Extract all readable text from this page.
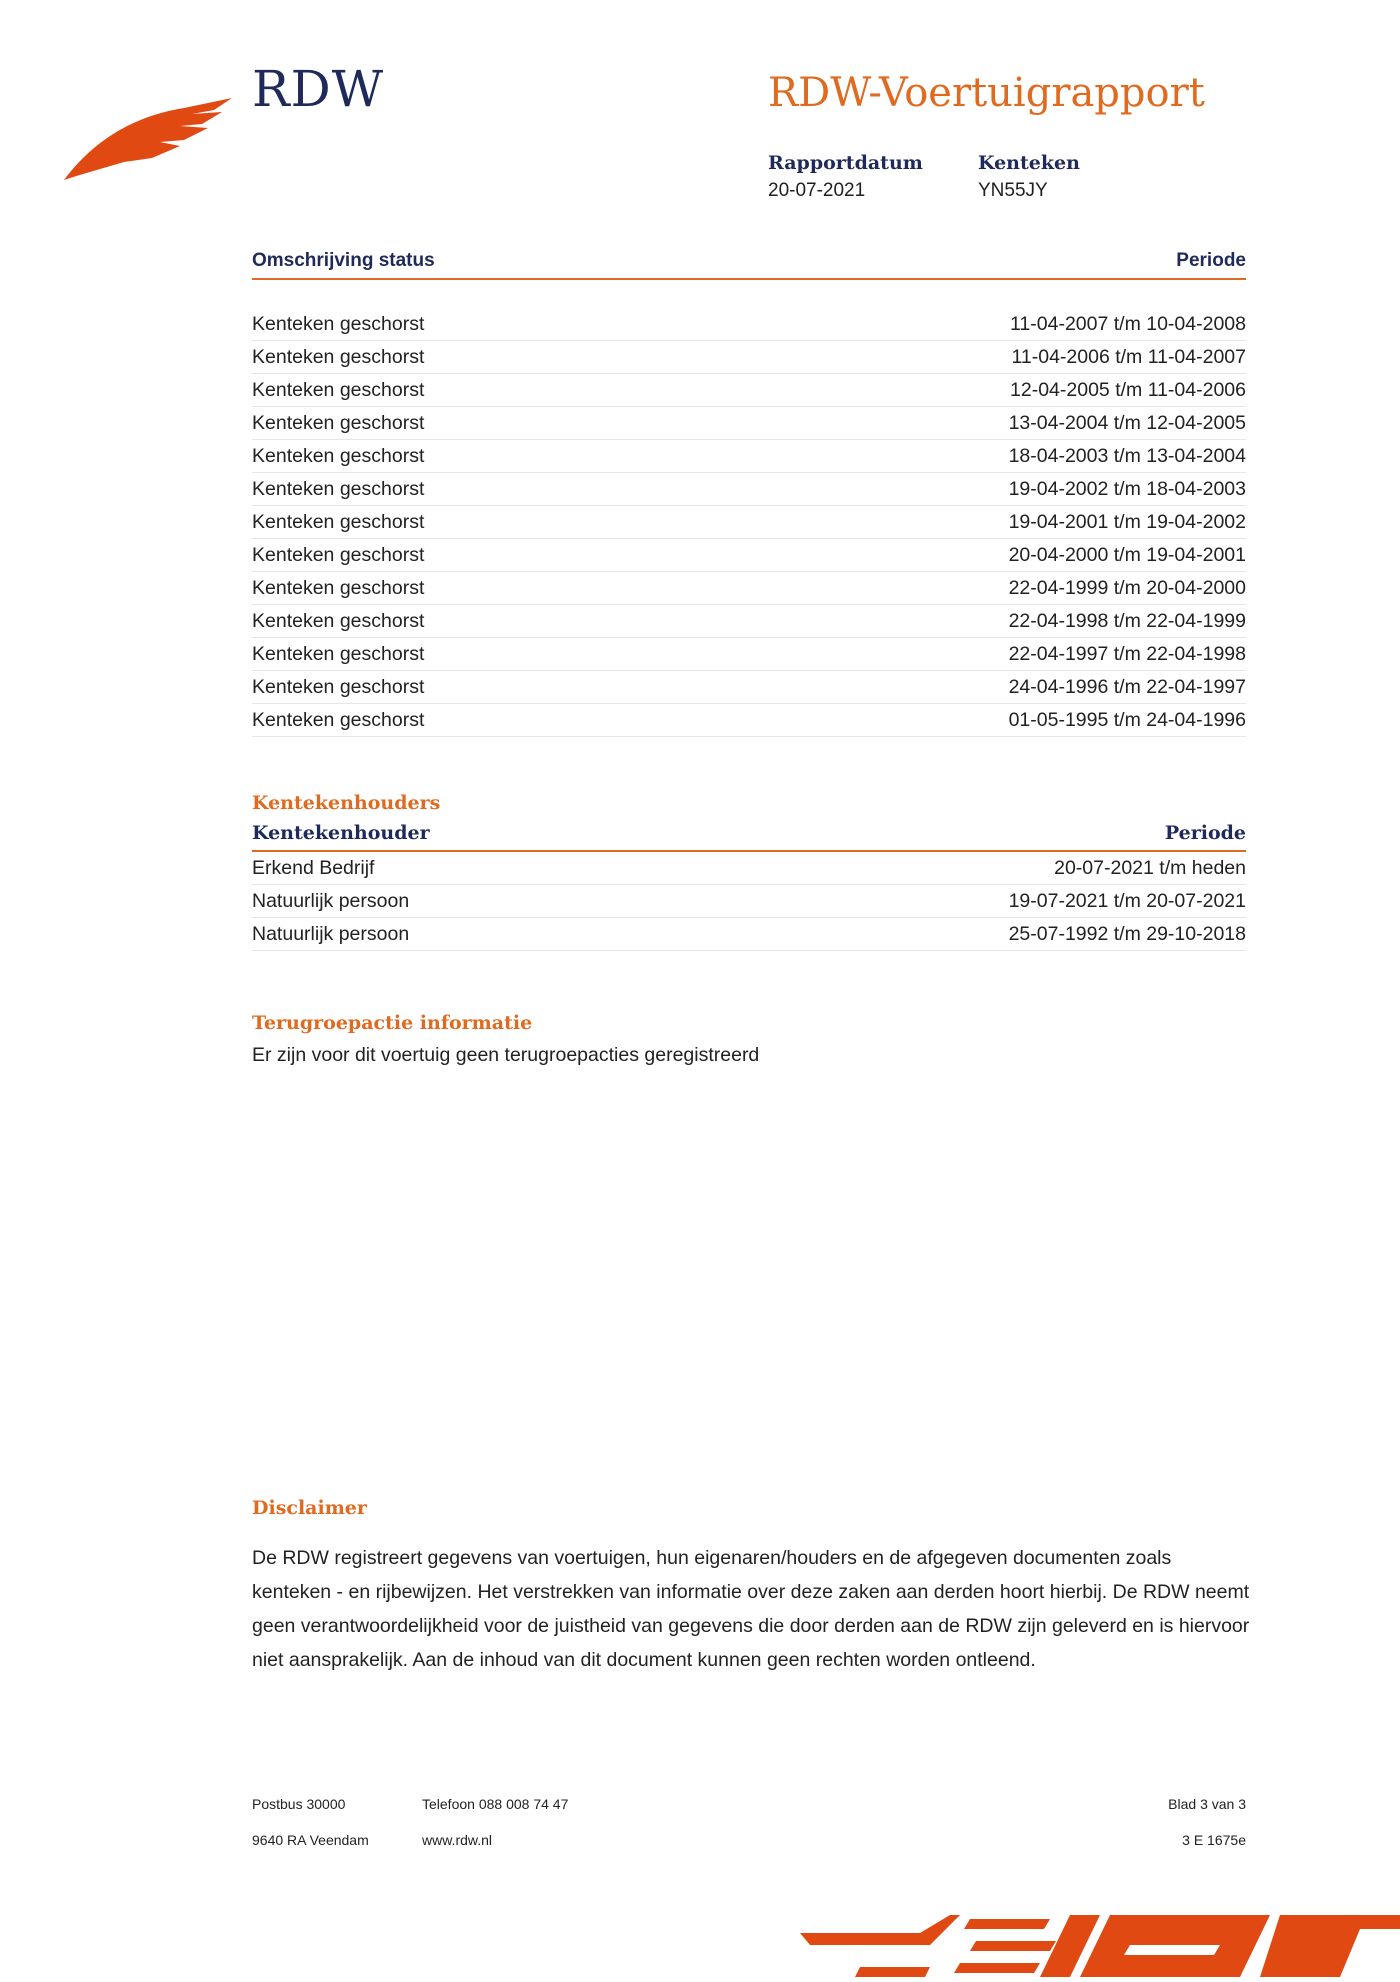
RDW	RDW-Voertuigrapport
Rapportdatum
20-07-2021
Kenteken
YN55JY
Omschrijving status	Periode
Kenteken geschorst	11-04-2007 t/m 10-04-2008
Kenteken geschorst	11-04-2006 t/m 11-04-2007
Kenteken geschorst	12-04-2005 t/m 11-04-2006
Kenteken geschorst	13-04-2004 t/m 12-04-2005
Kenteken geschorst	18-04-2003 t/m 13-04-2004
Kenteken geschorst	19-04-2002 t/m 18-04-2003
Kenteken geschorst	19-04-2001 t/m 19-04-2002
Kenteken geschorst	20-04-2000 t/m 19-04-2001
Kenteken geschorst	22-04-1999 t/m 20-04-2000
Kenteken geschorst	22-04-1998 t/m 22-04-1999
Kenteken geschorst	22-04-1997 t/m 22-04-1998
Kenteken geschorst	24-04-1996 t/m 22-04-1997
Kenteken geschorst	01-05-1995 t/m 24-04-1996
Kentekenhouders
Kentekenhouder	Periode
Erkend Bedrijf	20-07-2021 t/m heden
Natuurlijk persoon	19-07-2021 t/m 20-07-2021
Natuurlijk persoon	25-07-1992 t/m 29-10-2018
Terugroepactie informatie
Er zijn voor dit voertuig geen terugroepacties geregistreerd
Disclaimer
De RDW registreert gegevens van voertuigen, hun eigenaren/houders en de afgegeven documenten zoals kenteken - en rijbewijzen. Het verstrekken van informatie over deze zaken aan derden hoort hierbij. De RDW neemt geen verantwoordelijkheid voor de juistheid van gegevens die door derden aan de RDW zijn geleverd en is hiervoor niet aansprakelijk. Aan de inhoud van dit document kunnen geen rechten worden ontleend.
Postbus 30000
9640 RA Veendam
Telefoon 088 008 74 47
www.rdw.nl
Blad 3 van 3
3 E 1675e
